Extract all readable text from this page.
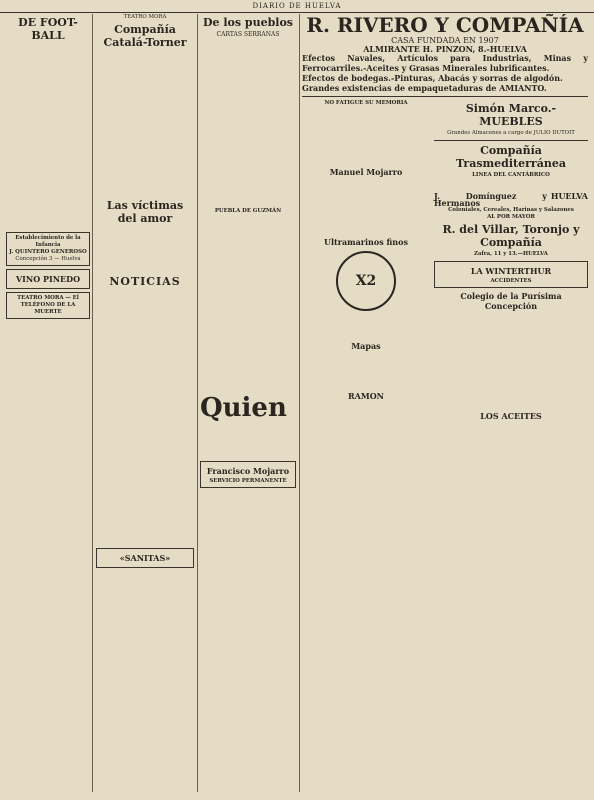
DIARIO DE HUELVA
DE FOOT-BALL

Establecimiento de la Infancia
J. QUINTERO GENEROSO
Concepción 3 — Huelva
VINO PINEDO
TEATRO MORA — El TELÉFONO DE LA MUERTE
TEATRO MORA
Compañía Catalá-Torner
Las víctimas del amor
NOTICIAS
«SANITAS»
De los pueblos
CARTAS SERRANAS
PUEBLA DE GUZMÁN
Quien
Francisco Mojarro
SERVICIO PERMANENTE
R. RIVERO Y COMPAÑÍA
CASA FUNDADA EN 1907
ALMIRANTE H. PINZON, 8.-HUELVA
Efectos Navales, Artículos para Industrias, Minas y Ferrocarriles.-Aceites y Grasas Minerales lubrificantes.
Efectos de bodegas.-Pinturas, Abacás y sorras de algodón.
Grandes existencias de empaquetaduras de AMIANTO.
NO FATIGUE SU MEMORIA
Manuel Mojarro
Ultramarinos finos
X2
Mapas
RAMON
Simón Marco.- MUEBLES
Grandes Almacenes a cargo de JULIO DUTOIT
Compañía Trasmediterránea
LINEA DEL CANTÁBRICO
J. Domínguez y Hermanos
HUELVA
Coloniales, Cereales, Harinas y Salazones
AL POR MAYOR
R. del Villar, Toronjo y Compañía
Zafra, 11 y 13.—HUELVA
LA WINTERTHUR
ACCIDENTES
Colegio de la Purísima Concepción
LOS ACEITES
